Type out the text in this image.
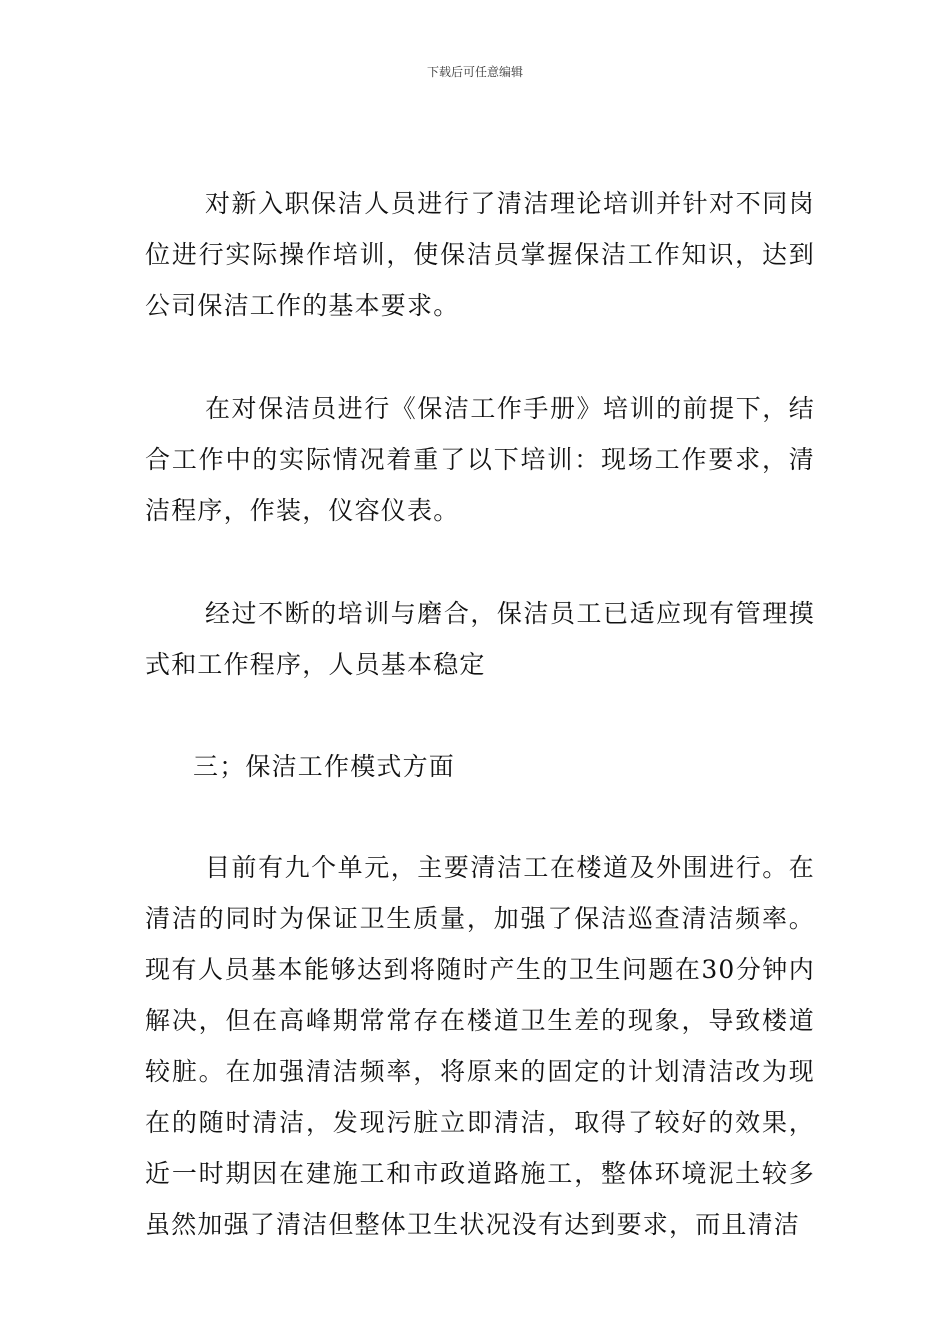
下载后可任意编辑

对新入职保洁人员进行了清洁理论培训并针对不同岗位进行实际操作培训，使保洁员掌握保洁工作知识，达到公司保洁工作的基本要求。

在对保洁员进行《保洁工作手册》培训的前提下，结合工作中的实际情况着重了以下培训：现场工作要求，清洁程序，作装，仪容仪表。

经过不断的培训与磨合，保洁员工已适应现有管理摸式和工作程序，人员基本稳定

三；保洁工作模式方面

目前有九个单元，主要清洁工在楼道及外围进行。在清洁的同时为保证卫生质量，加强了保洁巡查清洁频率。现有人员基本能够达到将随时产生的卫生问题在30分钟内解决，但在高峰期常常存在楼道卫生差的现象，导致楼道较脏。在加强清洁频率，将原来的固定的计划清洁改为现在的随时清洁，发现污脏立即清洁，取得了较好的效果，近一时期因在建施工和市政道路施工，整体环境泥土较多虽然加强了清洁但整体卫生状况没有达到要求，而且清洁
